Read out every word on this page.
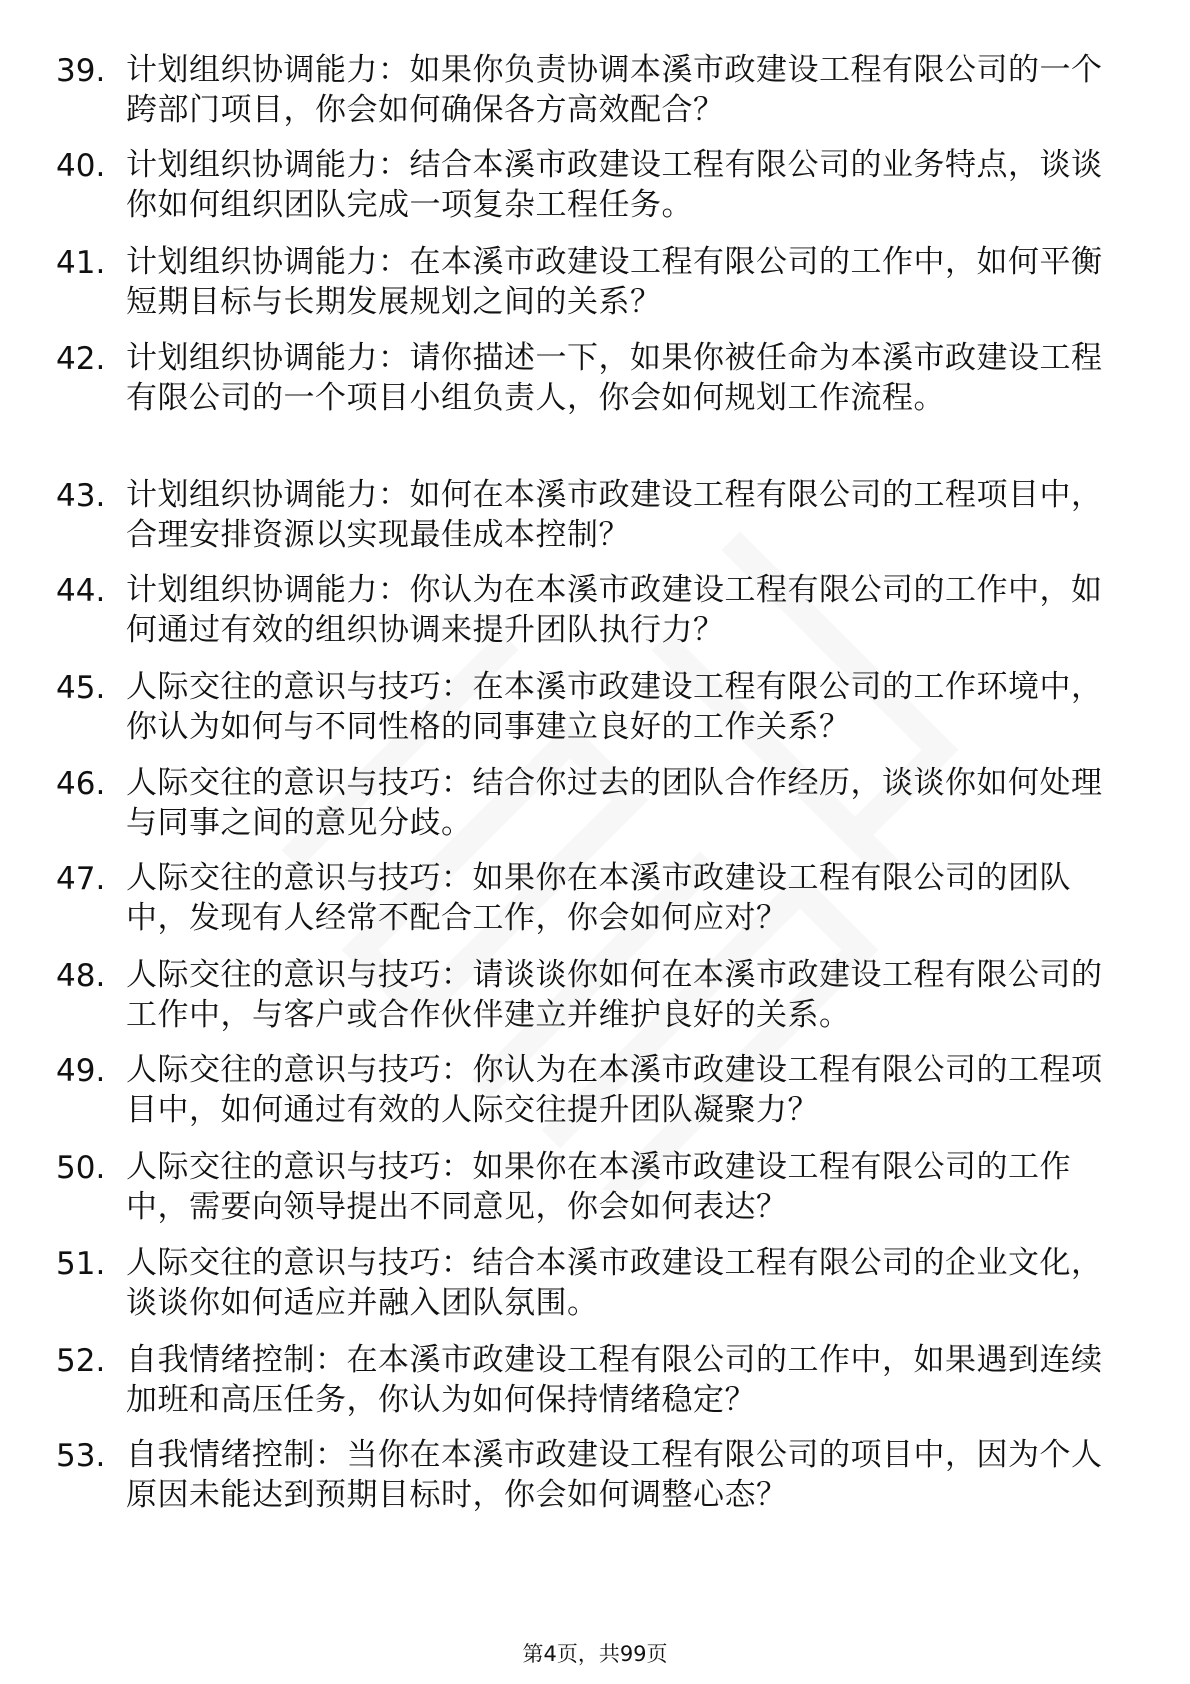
39. 计划组织协调能力：如果你负责协调本溪市政建设工程有限公司的一个跨部门项目，你会如何确保各方高效配合？
40. 计划组织协调能力：结合本溪市政建设工程有限公司的业务特点，谈谈你如何组织团队完成一项复杂工程任务。
41. 计划组织协调能力：在本溪市政建设工程有限公司的工作中，如何平衡短期目标与长期发展规划之间的关系？
42. 计划组织协调能力：请你描述一下，如果你被任命为本溪市政建设工程有限公司的一个项目小组负责人，你会如何规划工作流程。
43. 计划组织协调能力：如何在本溪市政建设工程有限公司的工程项目中，合理安排资源以实现最佳成本控制？
44. 计划组织协调能力：你认为在本溪市政建设工程有限公司的工作中，如何通过有效的组织协调来提升团队执行力？
45. 人际交往的意识与技巧：在本溪市政建设工程有限公司的工作环境中，你认为如何与不同性格的同事建立良好的工作关系？
46. 人际交往的意识与技巧：结合你过去的团队合作经历，谈谈你如何处理与同事之间的意见分歧。
47. 人际交往的意识与技巧：如果你在本溪市政建设工程有限公司的团队中，发现有人经常不配合工作，你会如何应对？
48. 人际交往的意识与技巧：请谈谈你如何在本溪市政建设工程有限公司的工作中，与客户或合作伙伴建立并维护良好的关系。
49. 人际交往的意识与技巧：你认为在本溪市政建设工程有限公司的工程项目中，如何通过有效的人际交往提升团队凝聚力？
50. 人际交往的意识与技巧：如果你在本溪市政建设工程有限公司的工作中，需要向领导提出不同意见，你会如何表达？
51. 人际交往的意识与技巧：结合本溪市政建设工程有限公司的企业文化，谈谈你如何适应并融入团队氛围。
52. 自我情绪控制：在本溪市政建设工程有限公司的工作中，如果遇到连续加班和高压任务，你认为如何保持情绪稳定？
53. 自我情绪控制：当你在本溪市政建设工程有限公司的项目中，因为个人原因未能达到预期目标时，你会如何调整心态？
第4页，共99页
